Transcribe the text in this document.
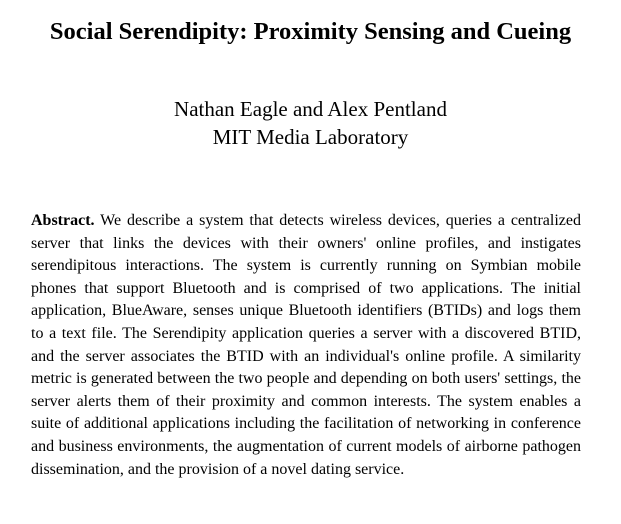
Social Serendipity: Proximity Sensing and Cueing
Nathan Eagle and Alex Pentland
MIT Media Laboratory
Abstract. We describe a system that detects wireless devices, queries a centralized server that links the devices with their owners' online profiles, and instigates serendipitous interactions. The system is currently running on Symbian mobile phones that support Bluetooth and is comprised of two applications. The initial application, BlueAware, senses unique Bluetooth identifiers (BTIDs) and logs them to a text file. The Serendipity application queries a server with a discovered BTID, and the server associates the BTID with an individual's online profile. A similarity metric is generated between the two people and depending on both users' settings, the server alerts them of their proximity and common interests. The system enables a suite of additional applications including the facilitation of networking in conference and business environments, the augmentation of current models of airborne pathogen dissemination, and the provision of a novel dating service.
